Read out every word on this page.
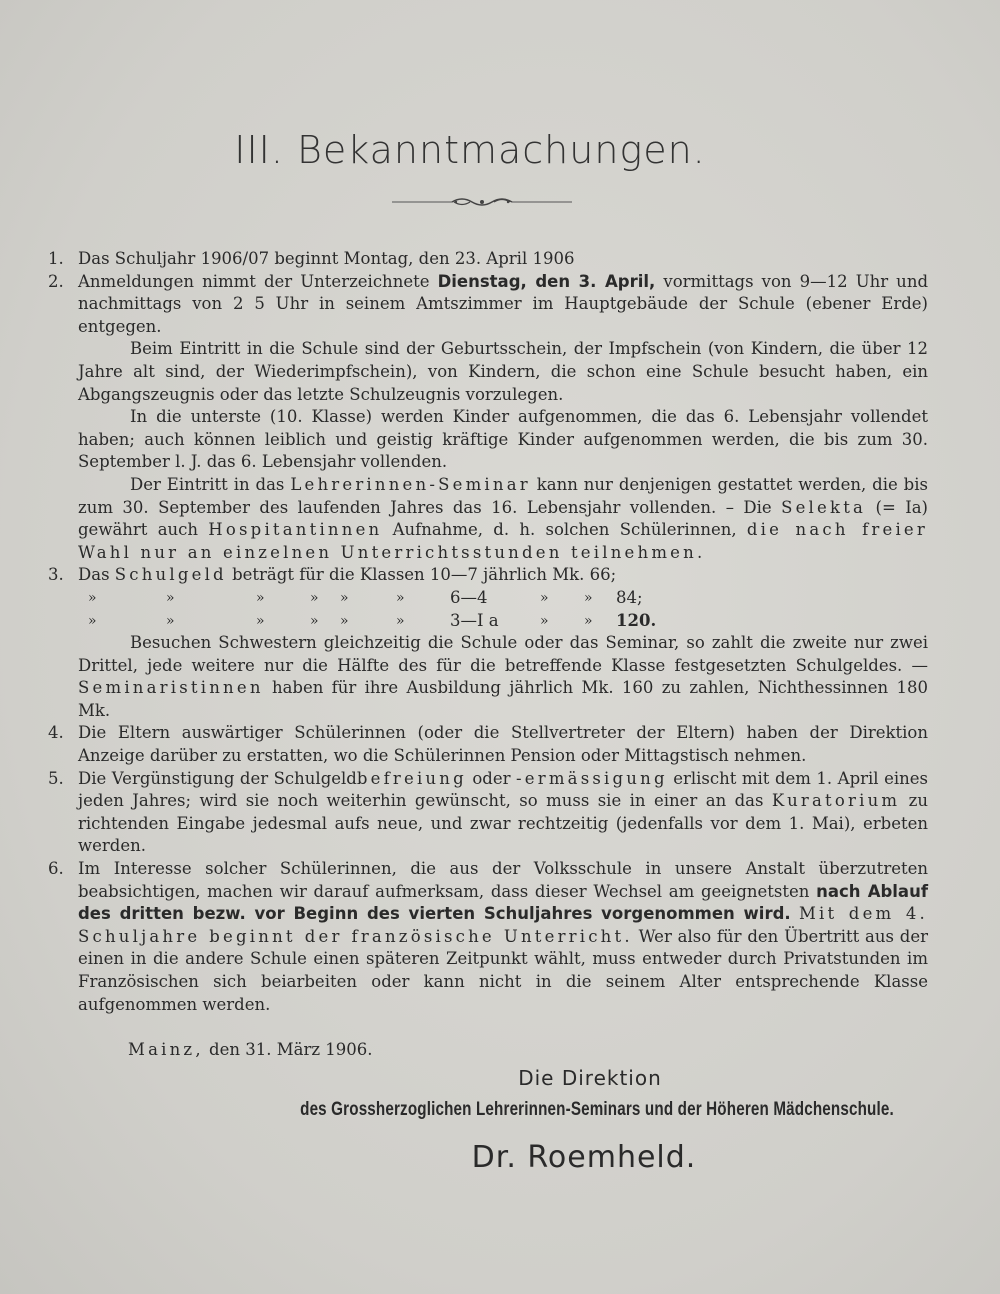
III. Bekanntmachungen.
1. Das Schuljahr 1906/07 beginnt Montag, den 23. April 1906
2. Anmeldungen nimmt der Unterzeichnete Dienstag, den 3. April, vormittags von 9—12 Uhr und nachmittags von 2 5 Uhr in seinem Amtszimmer im Hauptgebäude der Schule (ebener Erde) entgegen.
Beim Eintritt in die Schule sind der Geburtsschein, der Impfschein (von Kindern, die über 12 Jahre alt sind, der Wiederimpfschein), von Kindern, die schon eine Schule besucht haben, ein Abgangszeugnis oder das letzte Schulzeugnis vorzulegen.
In die unterste (10. Klasse) werden Kinder aufgenommen, die das 6. Lebensjahr vollendet haben; auch können leiblich und geistig kräftige Kinder aufgenommen werden, die bis zum 30. September l. J. das 6. Lebensjahr vollenden.
Der Eintritt in das Lehrerinnen-Seminar kann nur denjenigen gestattet werden, die bis zum 30. September des laufenden Jahres das 16. Lebensjahr vollenden. – Die Selekta (= Ia) gewährt auch Hospitantinnen Aufnahme, d. h. solchen Schülerinnen, die nach freier Wahl nur an einzelnen Unterrichtsstunden teilnehmen.
3. Das Schulgeld beträgt für die Klassen 10—7 jährlich Mk. 66;
»	»	»	» »	»	6—4	»	» 84;
»	»	»	» »	»	3—I a	»	» 120.
Besuchen Schwestern gleichzeitig die Schule oder das Seminar, so zahlt die zweite nur zwei Drittel, jede weitere nur die Hälfte des für die betreffende Klasse festgesetzten Schulgeldes. — Seminaristinnen haben für ihre Ausbildung jährlich Mk. 160 zu zahlen, Nichthessinnen 180 Mk.
4. Die Eltern auswärtiger Schülerinnen (oder die Stellvertreter der Eltern) haben der Direktion Anzeige darüber zu erstatten, wo die Schülerinnen Pension oder Mittagstisch nehmen.
5. Die Vergünstigung der Schulgeldbefreiung oder -ermässigung erlischt mit dem 1. April eines jeden Jahres; wird sie noch weiterhin gewünscht, so muss sie in einer an das Kuratorium zu richtenden Eingabe jedesmal aufs neue, und zwar rechtzeitig (jedenfalls vor dem 1. Mai), erbeten werden.
6. Im Interesse solcher Schülerinnen, die aus der Volksschule in unsere Anstalt überzutreten beabsichtigen, machen wir darauf aufmerksam, dass dieser Wechsel am geeignetsten nach Ablauf des dritten bezw. vor Beginn des vierten Schuljahres vorgenommen wird. Mit dem 4. Schuljahre beginnt der französische Unterricht. Wer also für den Übertritt aus der einen in die andere Schule einen späteren Zeitpunkt wählt, muss entweder durch Privatstunden im Französischen sich beiarbeiten oder kann nicht in die seinem Alter entsprechende Klasse aufgenommen werden.
Mainz, den 31. März 1906.
Die Direktion
des Grossherzoglichen Lehrerinnen-Seminars und der Höheren Mädchenschule.
Dr. Roemheld.
